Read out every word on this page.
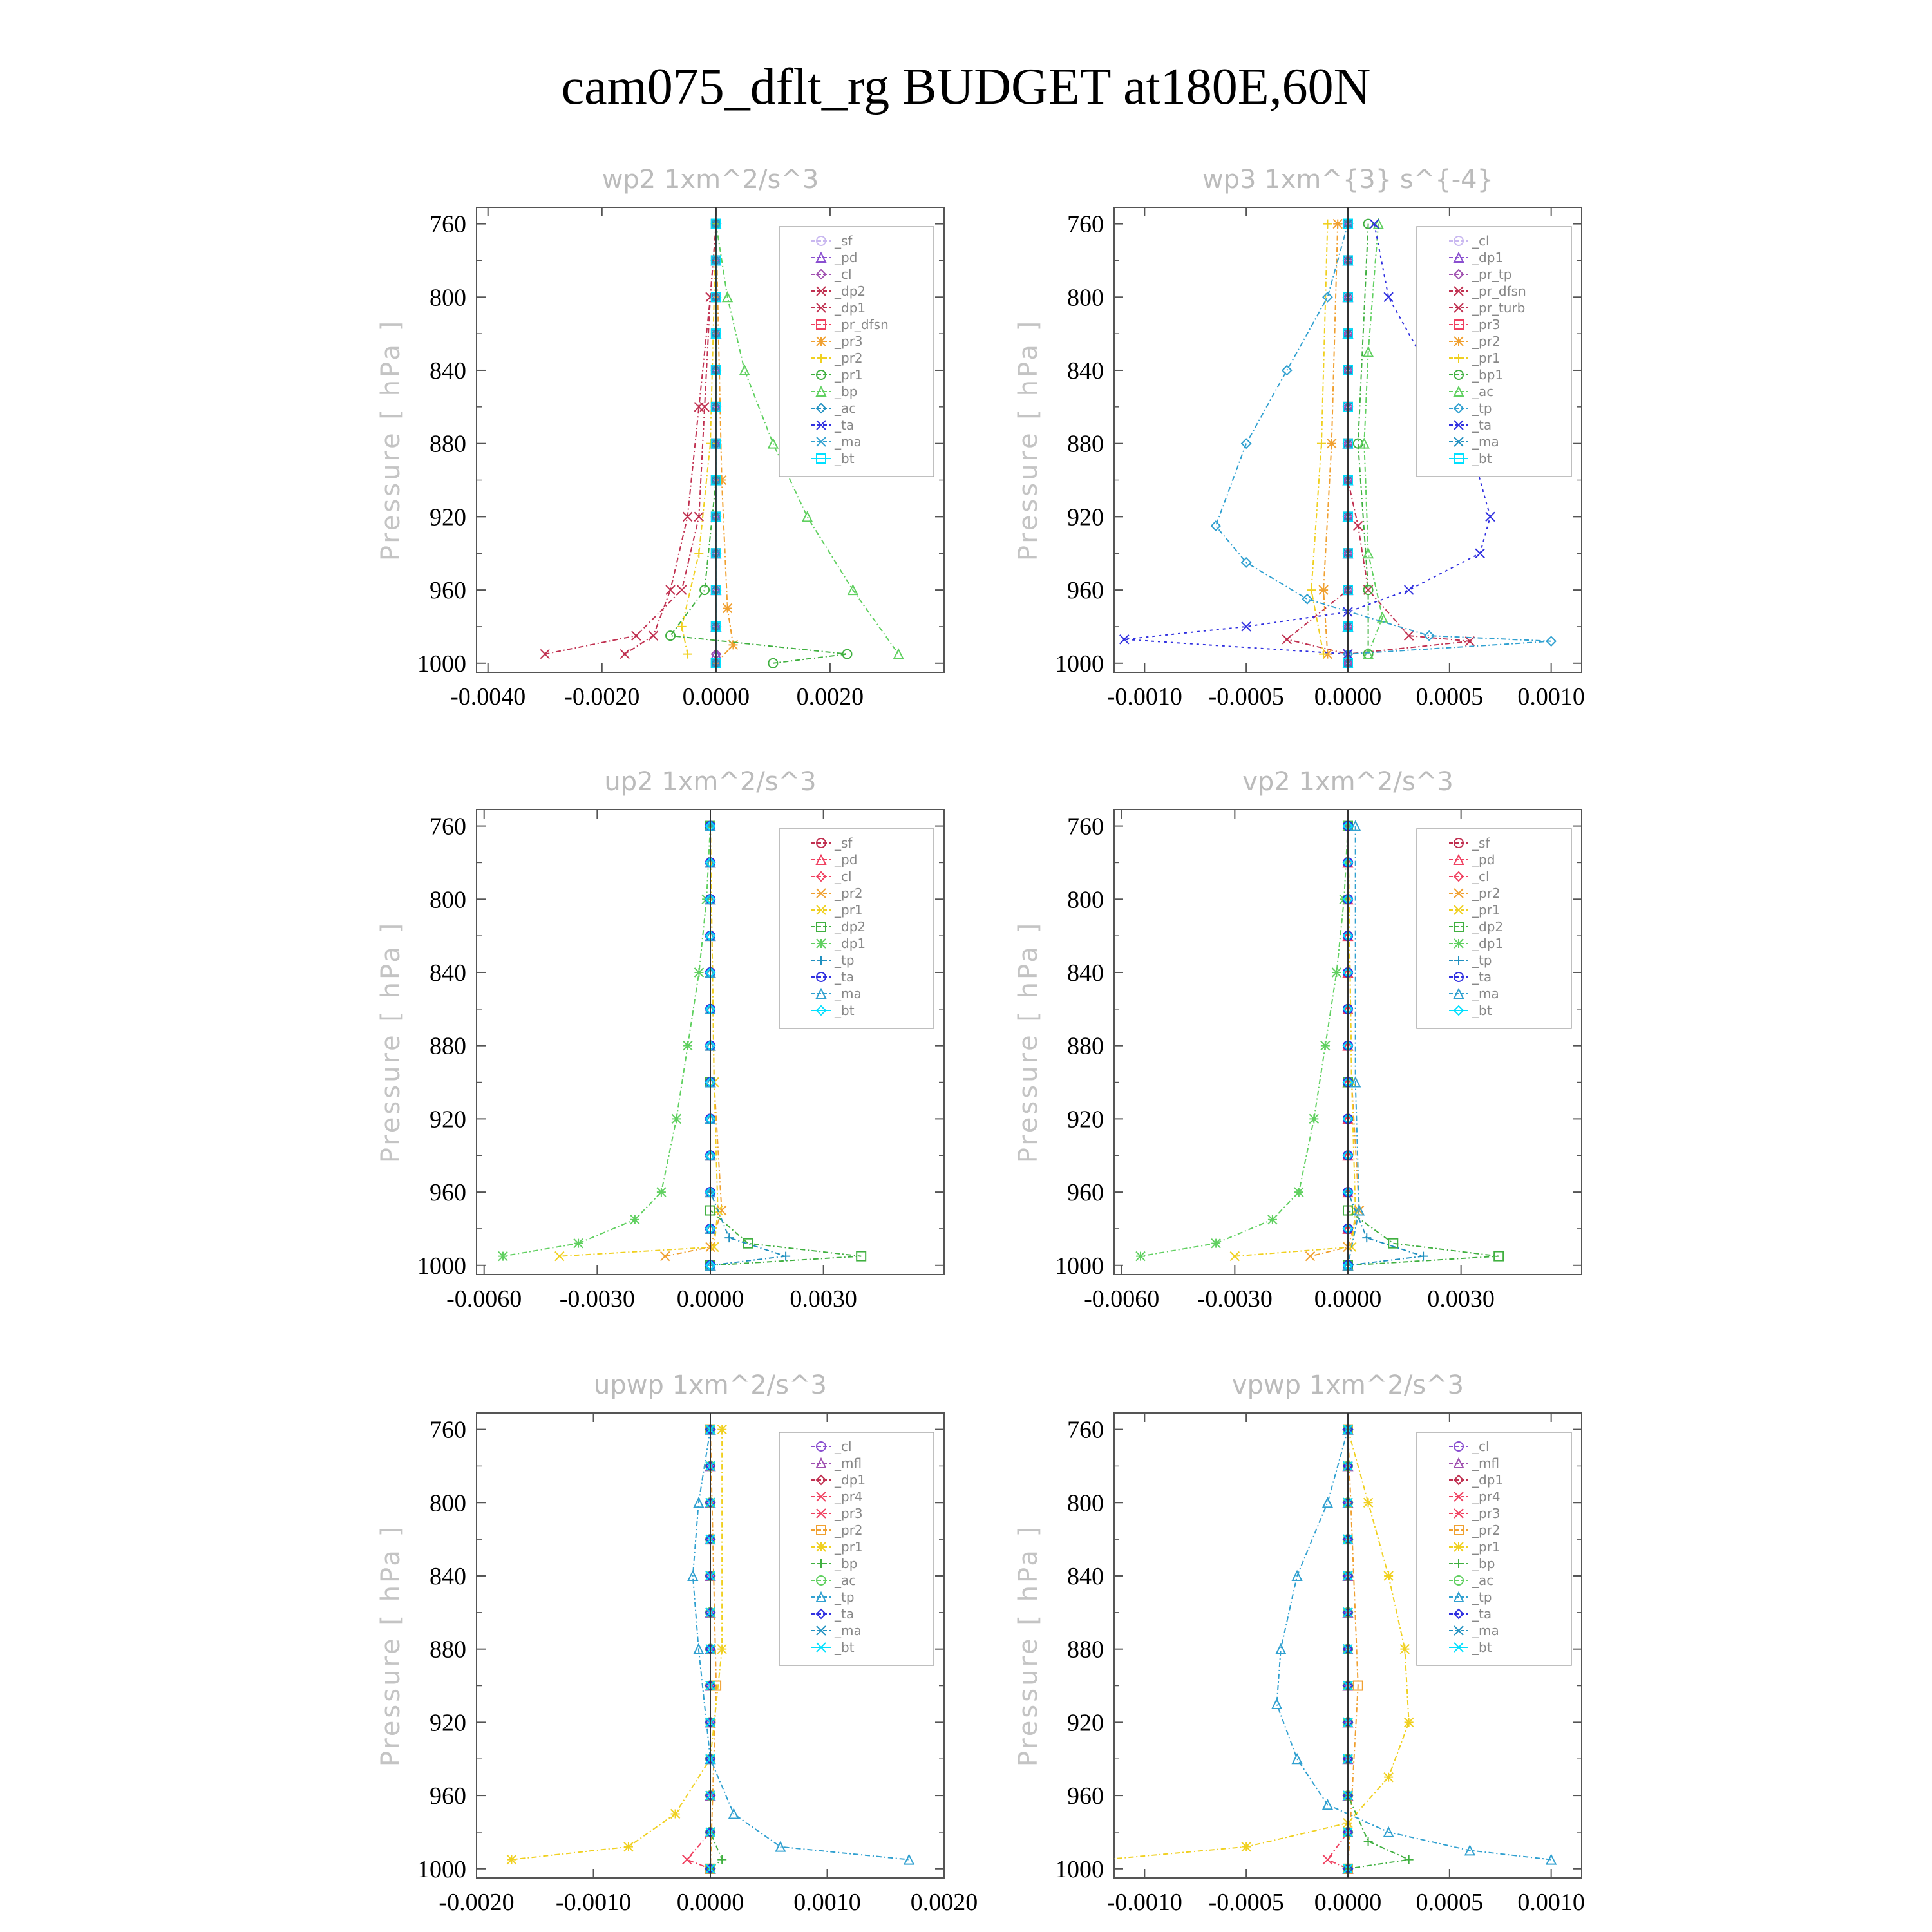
cam075_dflt_rg BUDGET at180E,60N
wp2 1xm^2/s^3
Pressure [ hPa ]
760
800
840
880
920
960
1000
-0.0040 -0.0020 0.0000 0.0020
_sf
_pd
_cl
_dp2
_dp1
_pr_dfsn
_pr3
_pr2
_pr1
_bp
_ac
_ta
_ma
_bt
wp3 1xm^{3} s^{-4}
Pressure [ hPa ]
760
800
840
880
920
960
1000
-0.0010 -0.0005 0.0000 0.0005 0.0010
_cl
_dp1
_pr_tp
_pr_dfsn
_pr_turb
_pr3
_pr2
_pr1
_bp1
_ac
_tp
_ta
_ma
_bt
up2 1xm^2/s^3
Pressure [ hPa ]
760
800
840
880
920
960
1000
-0.0060 -0.0030 0.0000 0.0030
_sf
_pd
_cl
_pr2
_pr1
_dp2
_dp1
_tp
_ta
_ma
_bt
vp2 1xm^2/s^3
Pressure [ hPa ]
760
800
840
880
920
960
1000
-0.0060 -0.0030 0.0000 0.0030
_sf
_pd
_cl
_pr2
_pr1
_dp2
_dp1
_tp
_ta
_ma
_bt
upwp 1xm^2/s^3
Pressure [ hPa ]
760
800
840
880
920
960
1000
-0.0020 -0.0010 0.0000 0.0010 0.0020
_cl
_mfl
_dp1
_pr4
_pr3
_pr2
_pr1
_bp
_ac
_tp
_ta
_ma
_bt
vpwp 1xm^2/s^3
Pressure [ hPa ]
760
800
840
880
920
960
1000
-0.0010 -0.0005 0.0000 0.0005 0.0010
_cl
_mfl
_dp1
_pr4
_pr3
_pr2
_pr1
_bp
_ac
_tp
_ta
_ma
_bt
